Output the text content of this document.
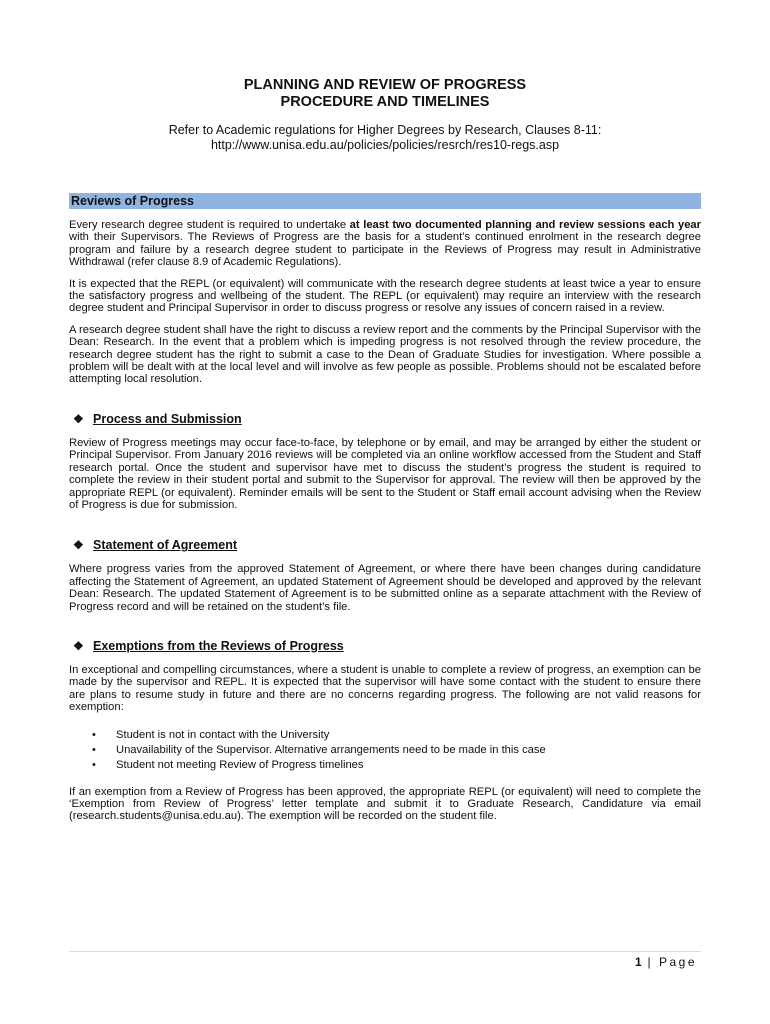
PLANNING AND REVIEW OF PROGRESS
PROCEDURE AND TIMELINES
Refer to Academic regulations for Higher Degrees by Research, Clauses 8-11:
http://www.unisa.edu.au/policies/policies/resrch/res10-regs.asp
Reviews of Progress

Every research degree student is required to undertake at least two documented planning and review sessions each year with their Supervisors. The Reviews of Progress are the basis for a student’s continued enrolment in the research degree program and failure by a research degree student to participate in the Reviews of Progress may result in Administrative Withdrawal (refer clause 8.9 of Academic Regulations).

It is expected that the REPL (or equivalent) will communicate with the research degree students at least twice a year to ensure the satisfactory progress and wellbeing of the student. The REPL (or equivalent) may require an interview with the research degree student and Principal Supervisor in order to discuss progress or resolve any issues of concern raised in a review.

A research degree student shall have the right to discuss a review report and the comments by the Principal Supervisor with the Dean: Research. In the event that a problem which is impeding progress is not resolved through the review procedure, the research degree student has the right to submit a case to the Dean of Graduate Studies for investigation. Where possible a problem will be dealt with at the local level and will involve as few people as possible. Problems should not be escalated before attempting local resolution.

❖ Process and Submission

Review of Progress meetings may occur face-to-face, by telephone or by email, and may be arranged by either the student or Principal Supervisor. From January 2016 reviews will be completed via an online workflow accessed from the Student and Staff research portal. Once the student and supervisor have met to discuss the student’s progress the student is required to complete the review in their student portal and submit to the Supervisor for approval. The review will then be approved by the appropriate REPL (or equivalent). Reminder emails will be sent to the Student or Staff email account advising when the Review of Progress is due for submission.

❖ Statement of Agreement

Where progress varies from the approved Statement of Agreement, or where there have been changes during candidature affecting the Statement of Agreement, an updated Statement of Agreement should be developed and approved by the relevant Dean: Research. The updated Statement of Agreement is to be submitted online as a separate attachment with the Review of Progress record and will be retained on the student’s file.

❖ Exemptions from the Reviews of Progress

In exceptional and compelling circumstances, where a student is unable to complete a review of progress, an exemption can be made by the supervisor and REPL. It is expected that the supervisor will have some contact with the student to ensure there are plans to resume study in future and there are no concerns regarding progress. The following are not valid reasons for exemption:

• Student is not in contact with the University
• Unavailability of the Supervisor. Alternative arrangements need to be made in this case
• Student not meeting Review of Progress timelines

If an exemption from a Review of Progress has been approved, the appropriate REPL (or equivalent) will need to complete the ‘Exemption from Review of Progress’ letter template and submit it to Graduate Research, Candidature via email (research.students@unisa.edu.au). The exemption will be recorded on the student file.

1 | Page
